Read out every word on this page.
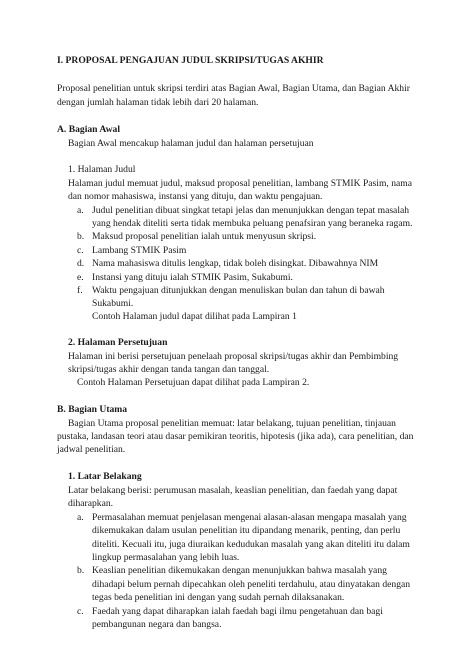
I. PROPOSAL PENGAJUAN JUDUL SKRIPSI/TUGAS AKHIR
Proposal penelitian untuk skripsi terdiri atas Bagian Awal, Bagian Utama, dan Bagian Akhir
dengan jumlah halaman tidak lebih dari 20 halaman.
A. Bagian Awal
Bagian Awal mencakup halaman judul dan halaman persetujuan
1. Halaman Judul
Halaman judul memuat judul, maksud proposal penelitian, lambang STMIK Pasim, nama
dan nomor mahasiswa, instansi yang dituju, dan waktu pengajuan.
a. Judul penelitian dibuat singkat tetapi jelas dan menunjukkan dengan tepat masalah
yang hendak diteliti serta tidak membuka peluang penafsiran yang beraneka ragam.
b. Maksud proposal penelitian ialah untuk menyusun skripsi.
c. Lambang STMIK Pasim
d. Nama mahasiswa ditulis lengkap, tidak boleh disingkat. Dibawahnya NIM
e. Instansi yang dituju ialah STMIK Pasim, Sukabumi.
f. Waktu pengajuan ditunjukkan dengan menuliskan bulan dan tahun di bawah
Sukabumi.
Contoh Halaman judul dapat dilihat pada Lampiran 1
2. Halaman Persetujuan
Halaman ini berisi persetujuan penelaah proposal skripsi/tugas akhir dan Pembimbing
skripsi/tugas akhir dengan tanda tangan dan tanggal.
Contoh Halaman Persetujuan dapat dilihat pada Lampiran 2.
B. Bagian Utama
Bagian Utama proposal penelitian memuat: latar belakang, tujuan penelitian, tinjauan
pustaka, landasan teori atau dasar pemikiran teoritis, hipotesis (jika ada), cara penelitian, dan
jadwal penelitian.
1. Latar Belakang
Latar belakang berisi: perumusan masalah, keaslian penelitian, dan faedah yang dapat
diharapkan.
a. Permasalahan memuat penjelasan mengenai alasan-alasan mengapa masalah yang
dikemukakan dalam usulan penelitian itu dipandang menarik, penting, dan perlu
diteliti. Kecuali itu, juga diuraikan kedudukan masalah yang akan diteliti itu dalam
lingkup permasalahan yang lebih luas.
b. Keaslian penelitian dikemukakan dengan menunjukkan bahwa masalah yang
dihadapi belum pernah dipecahkan oleh peneliti terdahulu, atau dinyatakan dengan
tegas beda penelitian ini dengan yang sudah pernah dilaksanakan.
c. Faedah yang dapat diharapkan ialah faedah bagi ilmu pengetahuan dan bagi
pembangunan negara dan bangsa.
